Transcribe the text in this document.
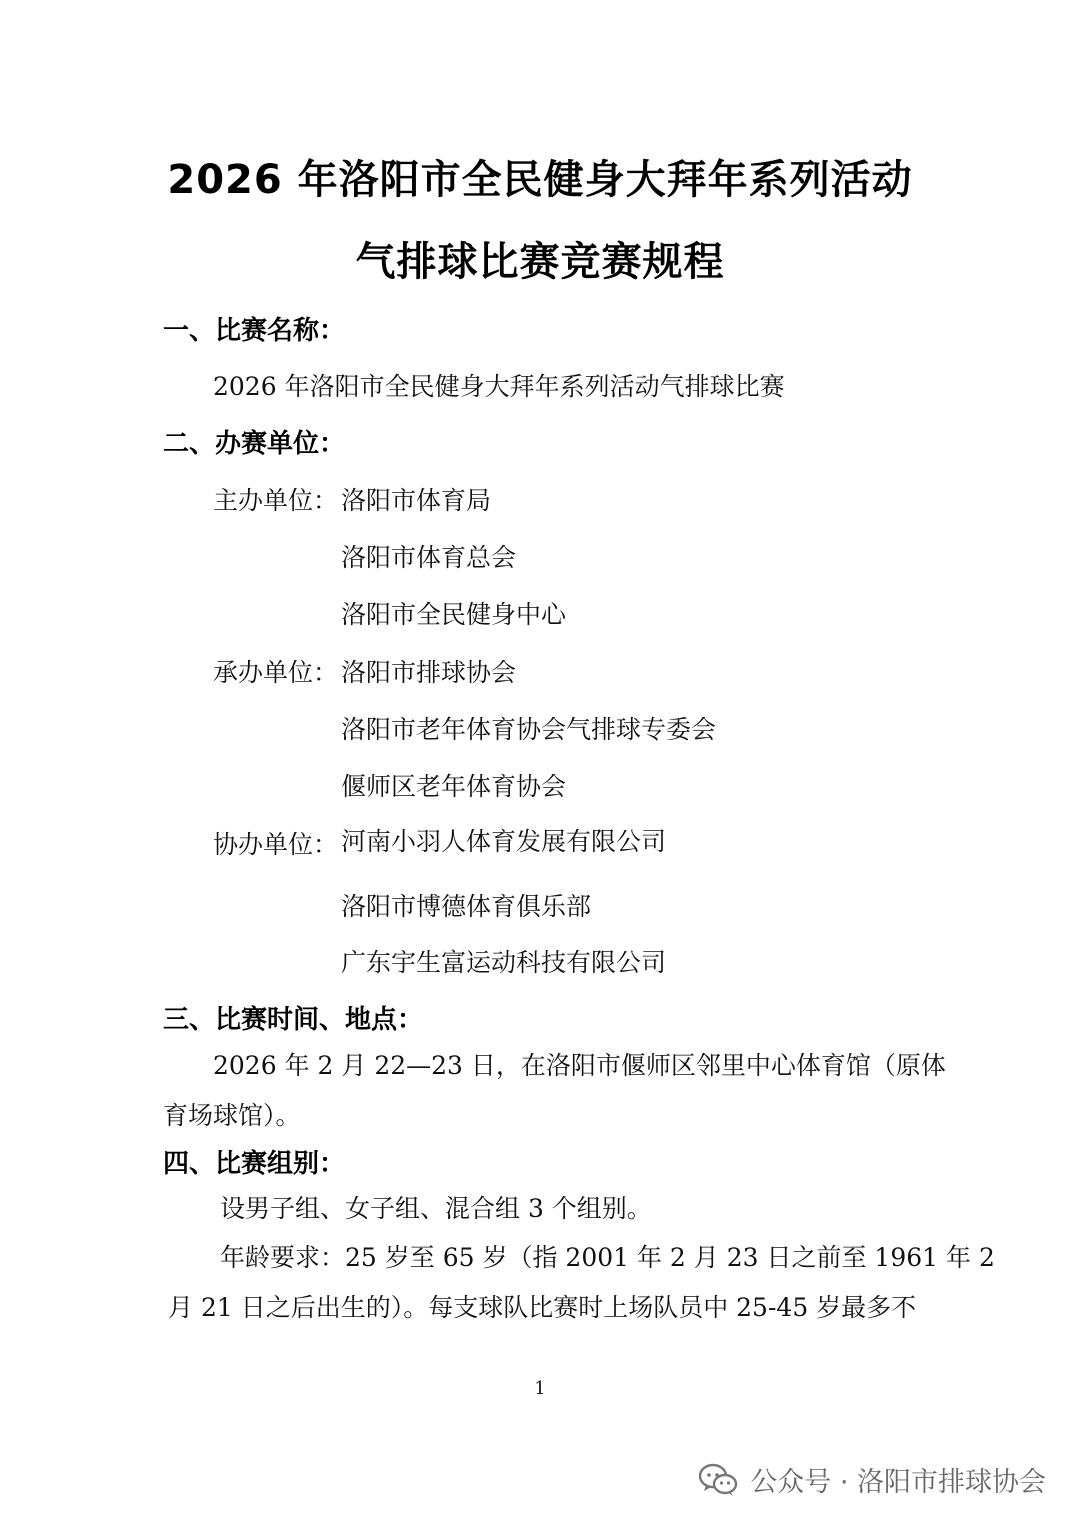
2026 年洛阳市全民健身大拜年系列活动
气排球比赛竞赛规程
一、比赛名称：
2026 年洛阳市全民健身大拜年系列活动气排球比赛
二、办赛单位：
主办单位： 洛阳市体育局
洛阳市体育总会
洛阳市全民健身中心
承办单位： 洛阳市排球协会
洛阳市老年体育协会气排球专委会
偃师区老年体育协会
协办单位： 河南小羽人体育发展有限公司
洛阳市博德体育俱乐部
广东宇生富运动科技有限公司
三、比赛时间、地点：
2026 年 2 月 22—23 日，在洛阳市偃师区邻里中心体育馆（原体
育场球馆）。
四、比赛组别：
设男子组、女子组、混合组 3 个组别。
年龄要求：25 岁至 65 岁（指 2001 年 2 月 23 日之前至 1961 年 2
月 21 日之后出生的）。每支球队比赛时上场队员中 25-45 岁最多不
1
公众号 · 洛阳市排球协会
